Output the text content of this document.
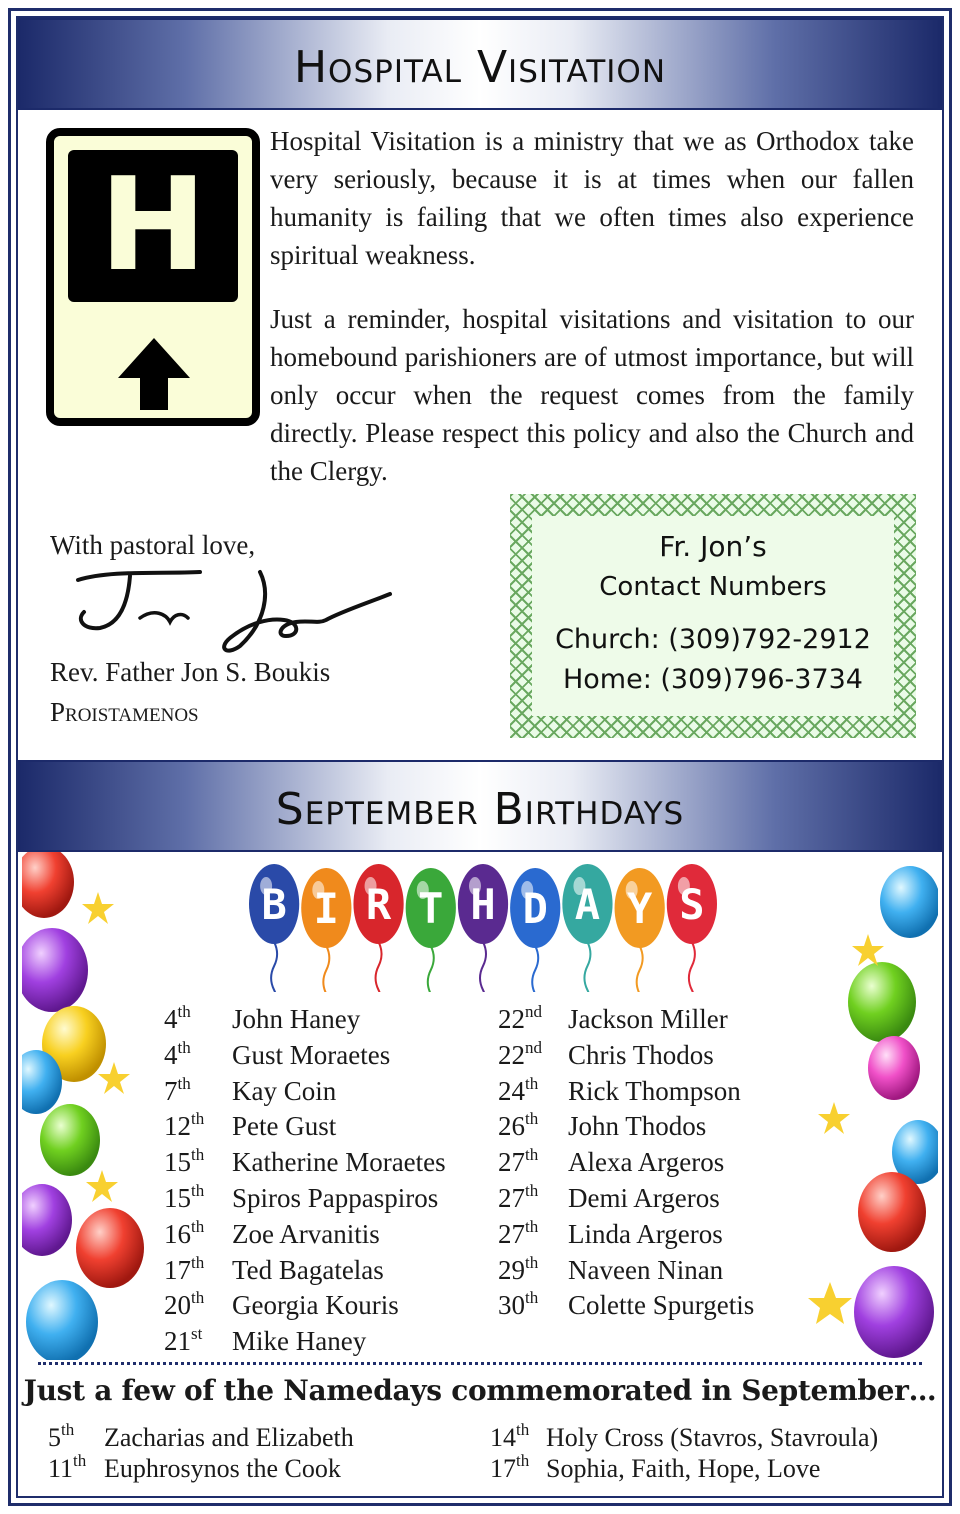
Hospital Visitation
H
Hospital Visitation is a ministry that we as Orthodox take very seriously, because it is at times when our fallen humanity is failing that we often times also experience spiritual weakness.
Just a reminder, hospital visitations and visitation to our homebound parishioners are of utmost importance, but will only occur when the request comes from the family directly. Please respect this policy and also the Church and the Clergy.
With pastoral love,
Rev. Father Jon S. Boukis
Proistamenos
Fr. Jon’s
Contact Numbers
Church: (309)792-2912
Home: (309)796-3734
September Birthdays
B I R T H D A Y S
4th John Haney
4th Gust Moraetes
7th Kay Coin
12th Pete Gust
15th Katherine Moraetes
15th Spiros Pappaspiros
16th Zoe Arvanitis
17th Ted Bagatelas
20th Georgia Kouris
21st Mike Haney
22nd Jackson Miller
22nd Chris Thodos
24th Rick Thompson
26th John Thodos
27th Alexa Argeros
27th Demi Argeros
27th Linda Argeros
29th Naveen Ninan
30th Colette Spurgetis
Just a few of the Namedays commemorated in September…
5th Zacharias and Elizabeth
11th Euphrosynos the Cook
14th Holy Cross (Stavros, Stavroula)
17th Sophia, Faith, Hope, Love
